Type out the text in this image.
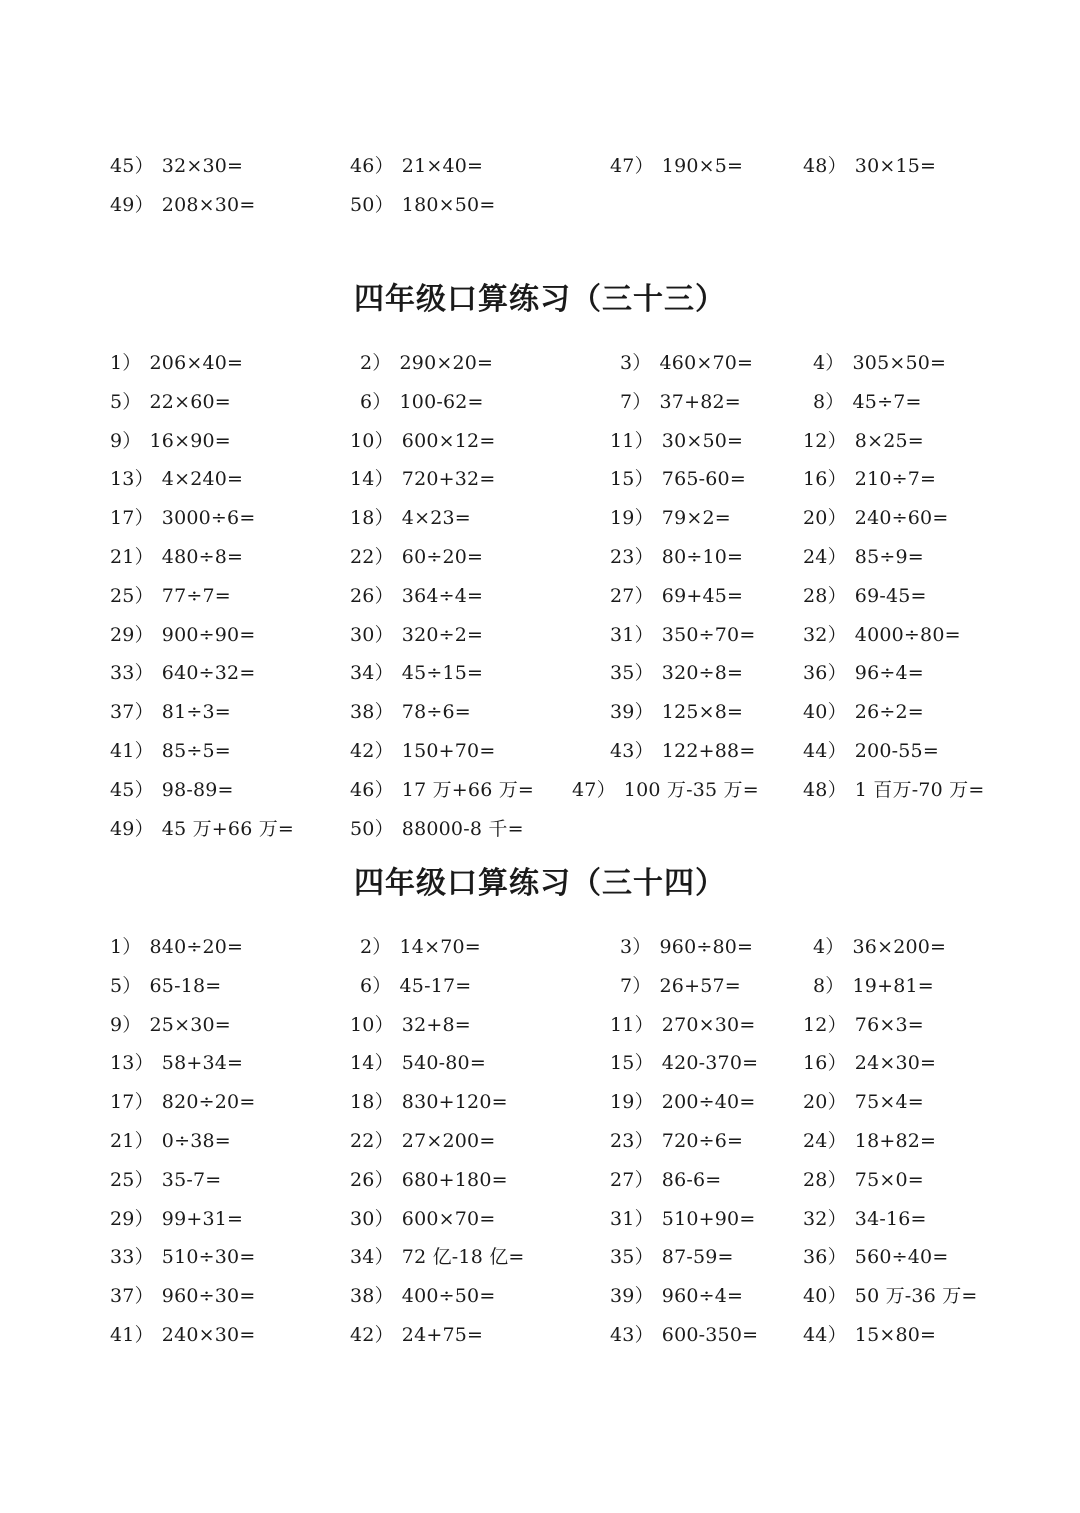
45） 32×30=	46） 21×40=	47） 190×5=	48） 30×15=
49） 208×30=	50） 180×50=
四年级口算练习（三十三）
1） 206×40=	2） 290×20=	3） 460×70=	4） 305×50=
5） 22×60=	6） 100-62=	7） 37+82=	8） 45÷7=
9） 16×90=	10） 600×12=	11） 30×50=	12） 8×25=
13） 4×240=	14） 720+32=	15） 765-60=	16） 210÷7=
17） 3000÷6=	18） 4×23=	19） 79×2=	20） 240÷60=
21） 480÷8=	22） 60÷20=	23） 80÷10=	24） 85÷9=
25） 77÷7=	26） 364÷4=	27） 69+45=	28） 69-45=
29） 900÷90=	30） 320÷2=	31） 350÷70=	32） 4000÷80=
33） 640÷32=	34） 45÷15=	35） 320÷8=	36） 96÷4=
37） 81÷3=	38） 78÷6=	39） 125×8=	40） 26÷2=
41） 85÷5=	42） 150+70=	43） 122+88=	44） 200-55=
45） 98-89=	46） 17 万+66 万= 47） 100 万-35 万= 48） 1 百万-70 万=
49） 45 万+66 万=	50） 88000-8 千=
四年级口算练习（三十四）
1） 840÷20=	2） 14×70=	3） 960÷80=	4） 36×200=
5） 65-18=	6） 45-17=	7） 26+57=	8） 19+81=
9） 25×30=	10） 32+8=	11） 270×30=	12） 76×3=
13） 58+34=	14） 540-80=	15） 420-370= 16） 24×30=
17） 820÷20=	18） 830+120=	19） 200÷40=	20） 75×4=
21） 0÷38=	22） 27×200=	23） 720÷6=	24） 18+82=
25） 35-7=	26） 680+180=	27） 86-6=	28） 75×0=
29） 99+31=	30） 600×70=	31） 510+90=	32） 34-16=
33） 510÷30=	34） 72 亿-18 亿=	35） 87-59=	36） 560÷40=
37） 960÷30=	38） 400÷50=	39） 960÷4=	40） 50 万-36 万=
41） 240×30=	42） 24+75=	43） 600-350= 44） 15×80=
